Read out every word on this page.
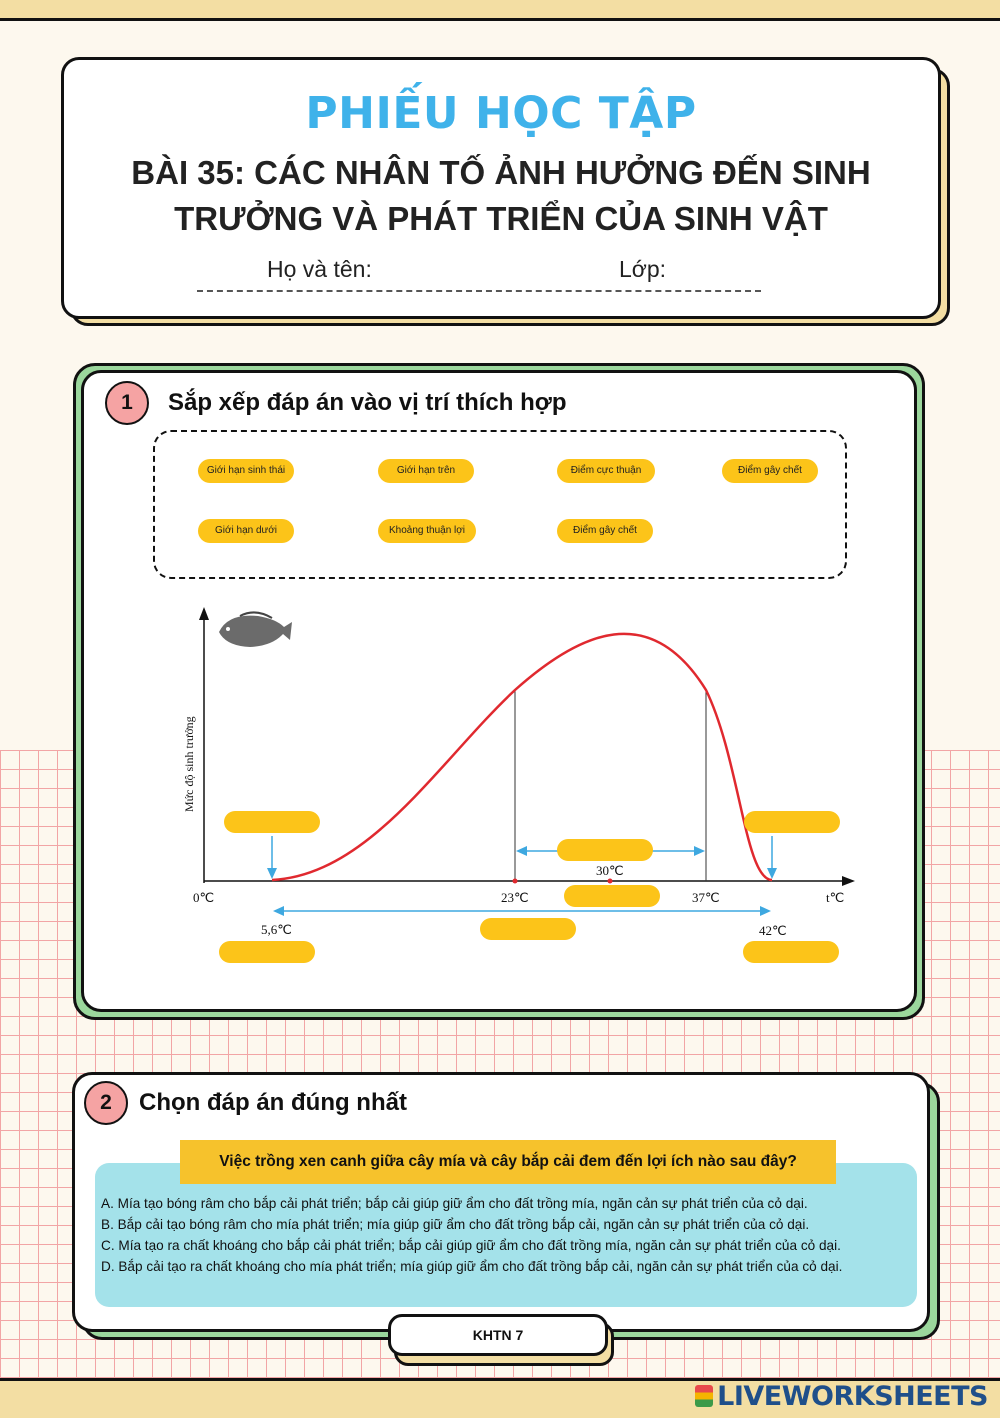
PHIẾU HỌC TẬP
BÀI 35: CÁC NHÂN TỐ ẢNH HƯỞNG ĐẾN SINH
TRƯỞNG VÀ PHÁT TRIỂN CỦA SINH VẬT
Họ và tên:	Lớp:
1	Sắp xếp đáp án vào vị trí thích hợp
Giới hạn sinh thái	Giới hạn trên	Điểm cực thuận	Điểm gây chết
Giới hạn dưới	Khoảng thuận lợi	Điểm gây chết
Mức độ sinh trưởng
t℃
0℃	23℃	37℃
5,6℃
30℃
42℃
2	Chọn đáp án đúng nhất
A. Mía tạo bóng râm cho bắp cải phát triển; bắp cải giúp giữ ẩm cho đất trồng mía, ngăn cản sự phát triển của cỏ dại.
B. Bắp cải tạo bóng râm cho mía phát triển; mía giúp giữ ẩm cho đất trồng bắp cải, ngăn cản sự phát triển của cỏ dại.
C. Mía tạo ra chất khoáng cho bắp cải phát triển; bắp cải giúp giữ ẩm cho đất trồng mía, ngăn cản sự phát triển của cỏ dại.
D. Bắp cải tạo ra chất khoáng cho mía phát triển; mía giúp giữ ẩm cho đất trồng bắp cải, ngăn cản sự phát triển của cỏ dại.
Việc trồng xen canh giữa cây mía và cây bắp cải đem đến lợi ích nào sau đây?
KHTN 7
LIVEWORKSHEETS
